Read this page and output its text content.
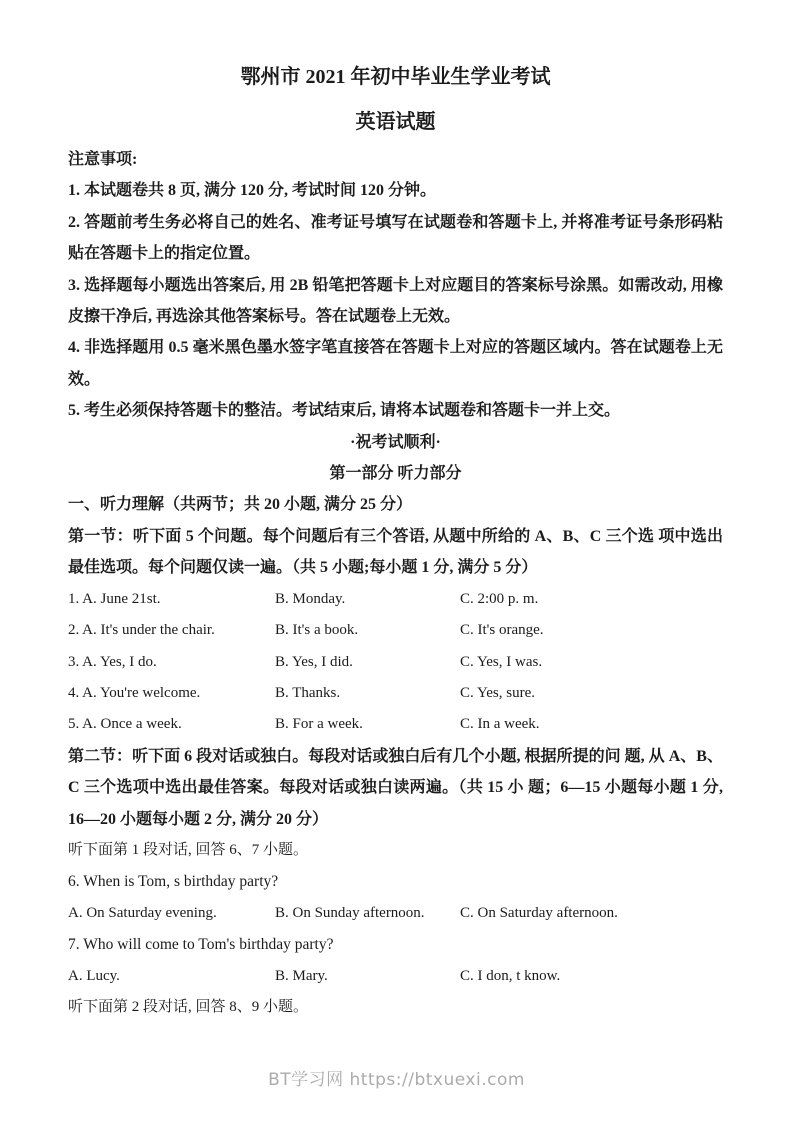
鄂州市 2021 年初中毕业生学业考试
英语试题
注意事项:
1. 本试题卷共 8 页, 满分 120 分, 考试时间 120 分钟。
2. 答题前考生务必将自己的姓名、准考证号填写在试题卷和答题卡上, 并将准考证号条形码粘贴在答题卡上的指定位置。
3. 选择题每小题选出答案后, 用 2B 铅笔把答题卡上对应题目的答案标号涂黑。如需改动, 用橡皮擦干净后, 再选涂其他答案标号。答在试题卷上无效。
4. 非选择题用 0.5 毫米黑色墨水签字笔直接答在答题卡上对应的答题区域内。答在试题卷上无效。
5. 考生必须保持答题卡的整洁。考试结束后, 请将本试题卷和答题卡一并上交。
·祝考试顺利·
第一部分 听力部分
一、听力理解（共两节；共 20 小题, 满分 25 分）
第一节：听下面 5 个问题。每个问题后有三个答语, 从题中所给的 A、B、C 三个选 项中选出最佳选项。每个问题仅读一遍。（共 5 小题;每小题 1 分, 满分 5 分）
1. A. June 21st.	B. Monday.	C. 2:00 p. m.
2. A. It's under the chair.	B. It's a book.	C. It's orange.
3. A. Yes, I do.	B. Yes, I did.	C. Yes, I was.
4. A. You're welcome.	B. Thanks.	C. Yes, sure.
5. A. Once a week.	B. For a week.	C. In a week.
第二节：听下面 6 段对话或独白。每段对话或独白后有几个小题, 根据所提的问 题, 从 A、B、C 三个选项中选出最佳答案。每段对话或独白读两遍。（共 15 小 题；6—15 小题每小题 1 分, 16—20 小题每小题 2 分, 满分 20 分）
听下面第 1 段对话, 回答 6、7 小题。
6. When is Tom, s birthday party?
A. On Saturday evening.	B. On Sunday afternoon.	C. On Saturday afternoon.
7. Who will come to Tom's birthday party?
A. Lucy.	B. Mary.	C. I don, t know.
听下面第 2 段对话, 回答 8、9 小题。
BT学习网 https://btxuexi.com
